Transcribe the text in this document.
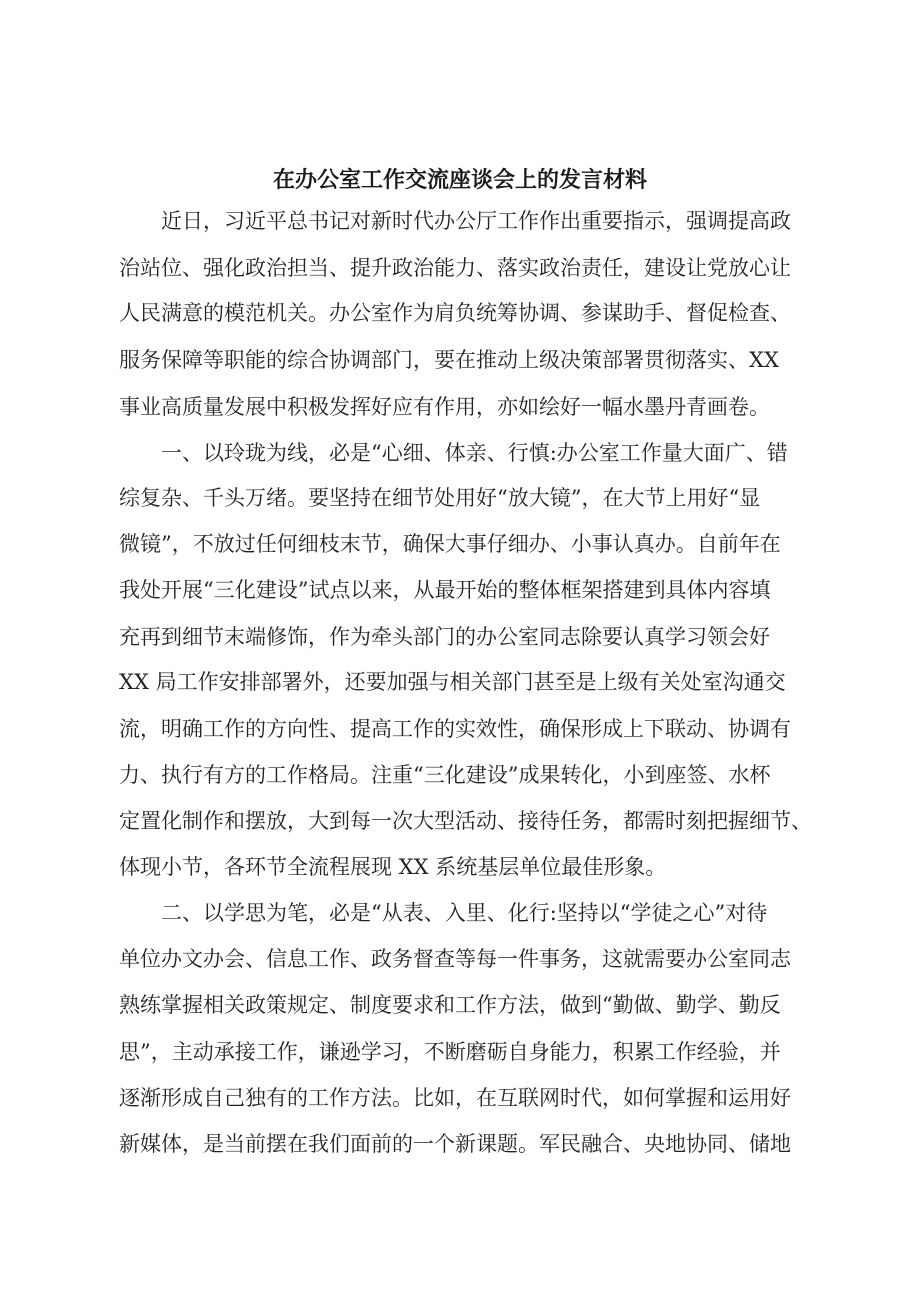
在办公室工作交流座谈会上的发言材料
近日，习近平总书记对新时代办公厅工作作出重要指示，强调提高政
治站位、强化政治担当、提升政治能力、落实政治责任，建设让党放心让
人民满意的模范机关。办公室作为肩负统筹协调、参谋助手、督促检查、
服务保障等职能的综合协调部门，要在推动上级决策部署贯彻落实、XX
事业高质量发展中积极发挥好应有作用，亦如绘好一幅水墨丹青画卷。
一、以玲珑为线，必是“心细、体亲、行慎:办公室工作量大面广、错
综复杂、千头万绪。要坚持在细节处用好“放大镜”，在大节上用好“显
微镜”，不放过任何细枝末节，确保大事仔细办、小事认真办。自前年在
我处开展“三化建设”试点以来，从最开始的整体框架搭建到具体内容填
充再到细节末端修饰，作为牵头部门的办公室同志除要认真学习领会好
XX 局工作安排部署外，还要加强与相关部门甚至是上级有关处室沟通交
流，明确工作的方向性、提高工作的实效性，确保形成上下联动、协调有
力、执行有方的工作格局。注重“三化建设”成果转化，小到座签、水杯
定置化制作和摆放，大到每一次大型活动、接待任务，都需时刻把握细节、
体现小节，各环节全流程展现 XX 系统基层单位最佳形象。
二、以学思为笔，必是“从表、入里、化行:坚持以“学徒之心”对待
单位办文办会、信息工作、政务督查等每一件事务，这就需要办公室同志
熟练掌握相关政策规定、制度要求和工作方法，做到“勤做、勤学、勤反
思”，主动承接工作，谦逊学习，不断磨砺自身能力，积累工作经验，并
逐渐形成自己独有的工作方法。比如，在互联网时代，如何掌握和运用好
新媒体，是当前摆在我们面前的一个新课题。军民融合、央地协同、储地
